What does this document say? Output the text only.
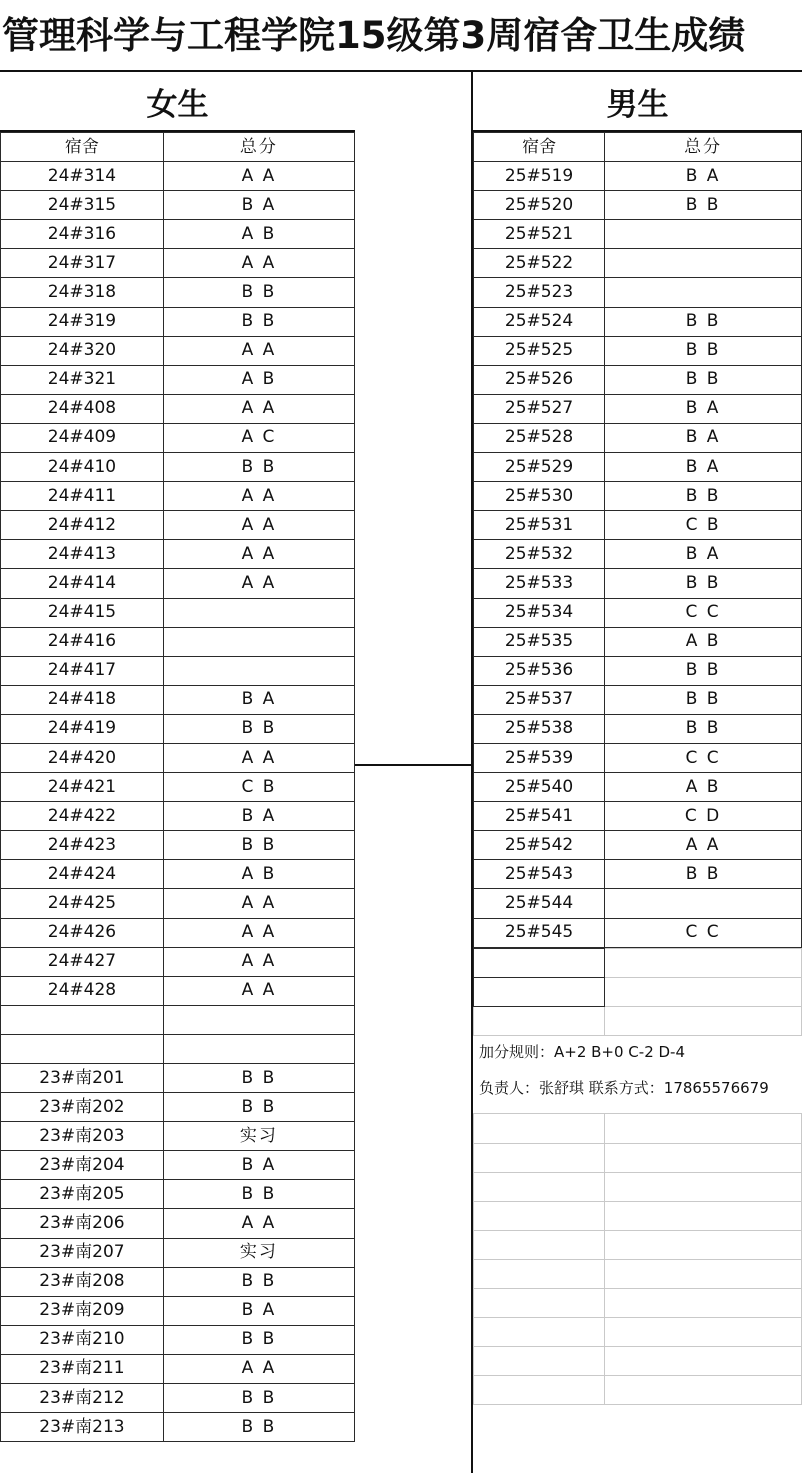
管理科学与工程学院15级第3周宿舍卫生成绩
女生
宿舍	总分
24#314	A A
24#315	B A
24#316	A B
24#317	A A
24#318	B B
24#319	B B
24#320	A A
24#321	A B
24#408	A A
24#409	A C
24#410	B B
24#411	A A
24#412	A A
24#413	A A
24#414	A A
24#415	
24#416	
24#417	
24#418	B A
24#419	B B
24#420	A A
24#421	C B
24#422	B A
24#423	B B
24#424	A B
24#425	A A
24#426	A A
24#427	A A
24#428	A A

23#南201	B B
23#南202	B B
23#南203	实习
23#南204	B A
23#南205	B B
23#南206	A A
23#南207	实习
23#南208	B B
23#南209	B A
23#南210	B B
23#南211	A A
23#南212	B B
23#南213	B B
男生
宿舍	总分
25#519	B A
25#520	B B
25#521	
25#522	
25#523	
25#524	B B
25#525	B B
25#526	B B
25#527	B A
25#528	B A
25#529	B A
25#530	B B
25#531	C B
25#532	B A
25#533	B B
25#534	C C
25#535	A B
25#536	B B
25#537	B B
25#538	B B
25#539	C C
25#540	A B
25#541	C D
25#542	A A
25#543	B B
25#544	
25#545	C C

加分规则：A+2 B+0 C-2 D-4

负责人：张舒琪 联系方式：17865576679
